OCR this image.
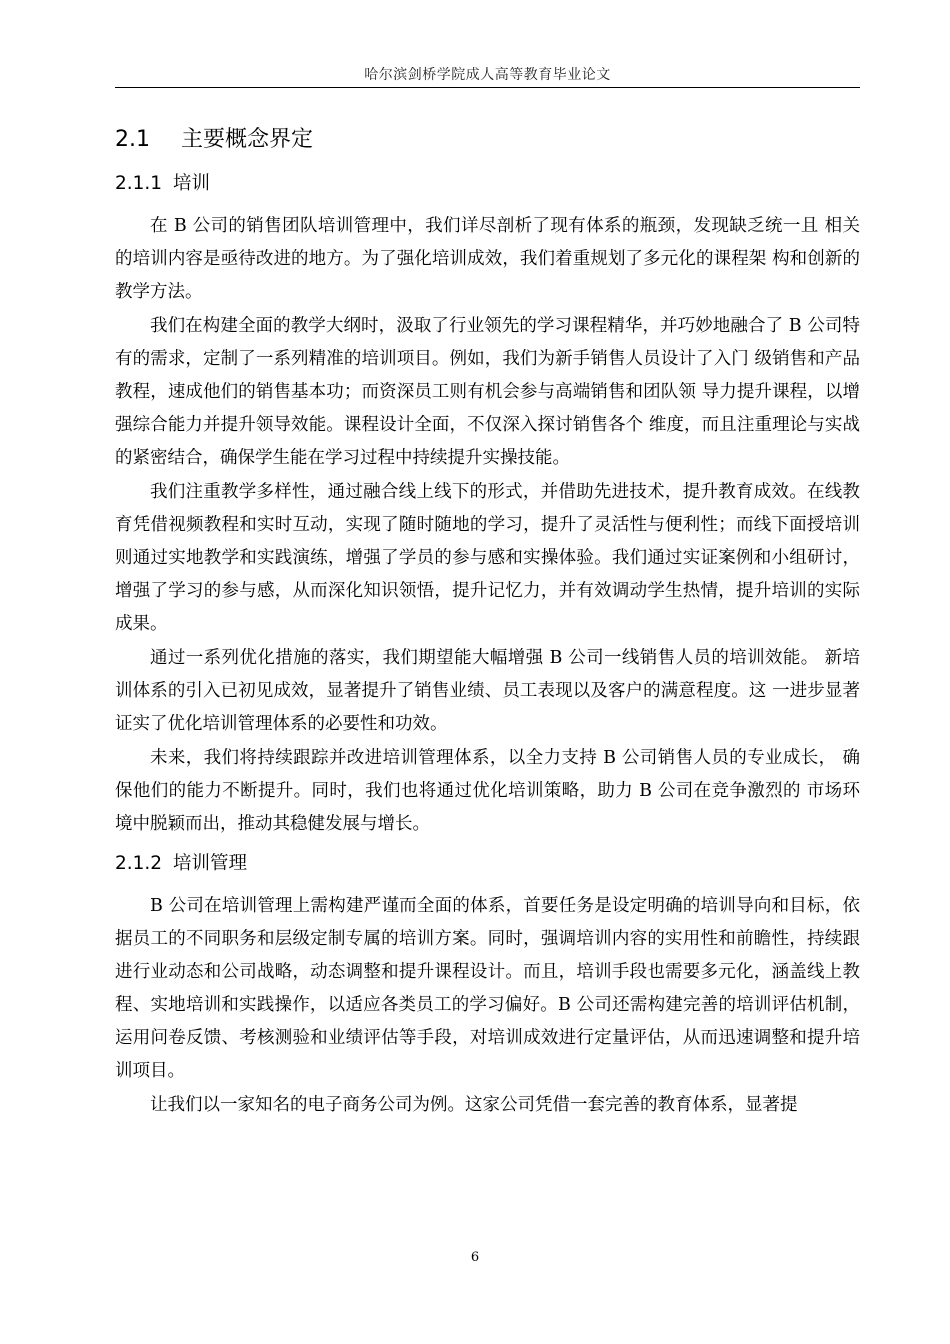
哈尔滨剑桥学院成人高等教育毕业论文
2.1 主要概念界定
2.1.1 培训

在 B 公司的销售团队培训管理中，我们详尽剖析了现有体系的瓶颈，发现缺乏统一且 相关的培训内容是亟待改进的地方。为了强化培训成效，我们着重规划了多元化的课程架 构和创新的教学方法。

我们在构建全面的教学大纲时，汲取了行业领先的学习课程精华，并巧妙地融合了 B 公司特有的需求，定制了一系列精准的培训项目。例如，我们为新手销售人员设计了入门 级销售和产品教程，速成他们的销售基本功；而资深员工则有机会参与高端销售和团队领 导力提升课程，以增强综合能力并提升领导效能。课程设计全面，不仅深入探讨销售各个 维度，而且注重理论与实战的紧密结合，确保学生能在学习过程中持续提升实操技能。

我们注重教学多样性，通过融合线上线下的形式，并借助先进技术，提升教育成效。在线教育凭借视频教程和实时互动，实现了随时随地的学习，提升了灵活性与便利性；而线下面授培训则通过实地教学和实践演练，增强了学员的参与感和实操体验。我们通过实证案例和小组研讨，增强了学习的参与感，从而深化知识领悟，提升记忆力，并有效调动学生热情，提升培训的实际成果。

通过一系列优化措施的落实，我们期望能大幅增强 B 公司一线销售人员的培训效能。 新培训体系的引入已初见成效，显著提升了销售业绩、员工表现以及客户的满意程度。这 一进步显著证实了优化培训管理体系的必要性和功效。

未来，我们将持续跟踪并改进培训管理体系，以全力支持 B 公司销售人员的专业成长， 确保他们的能力不断提升。同时，我们也将通过优化培训策略，助力 B 公司在竞争激烈的 市场环境中脱颖而出，推动其稳健发展与增长。

2.1.2 培训管理

B 公司在培训管理上需构建严谨而全面的体系，首要任务是设定明确的培训导向和目标，依据员工的不同职务和层级定制专属的培训方案。同时，强调培训内容的实用性和前瞻性，持续跟进行业动态和公司战略，动态调整和提升课程设计。而且，培训手段也需要多元化，涵盖线上教程、实地培训和实践操作，以适应各类员工的学习偏好。B 公司还需构建完善的培训评估机制，运用问卷反馈、考核测验和业绩评估等手段，对培训成效进行定量评估，从而迅速调整和提升培训项目。

让我们以一家知名的电子商务公司为例。这家公司凭借一套完善的教育体系，显著提

6
